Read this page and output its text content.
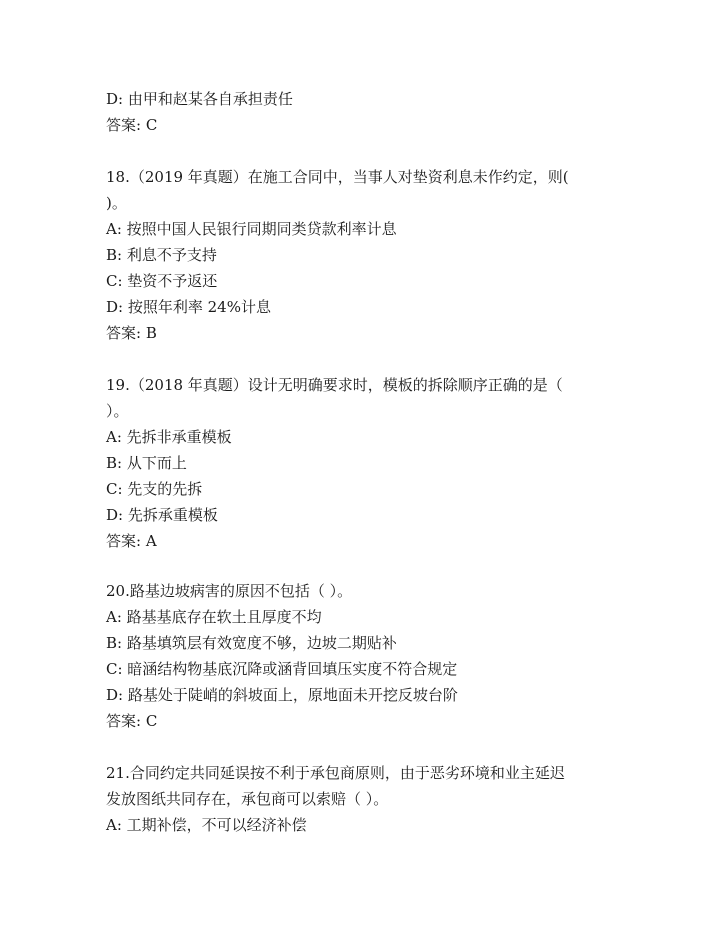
D: 由甲和赵某各自承担责任
答案: C
18.（2019 年真题）在施工合同中，当事人对垫资利息未作约定，则(
)。
A: 按照中国人民银行同期同类贷款利率计息
B: 利息不予支持
C: 垫资不予返还
D: 按照年利率 24%计息
答案: B
19.（2018 年真题）设计无明确要求时，模板的拆除顺序正确的是（
）。
A: 先拆非承重模板
B: 从下而上
C: 先支的先拆
D: 先拆承重模板
答案: A
20.路基边坡病害的原因不包括（ ）。
A: 路基基底存在软土且厚度不均
B: 路基填筑层有效宽度不够，边坡二期贴补
C: 暗涵结构物基底沉降或涵背回填压实度不符合规定
D: 路基处于陡峭的斜坡面上，原地面未开挖反坡台阶
答案: C
21.合同约定共同延误按不利于承包商原则，由于恶劣环境和业主延迟
发放图纸共同存在，承包商可以索赔（ ）。
A: 工期补偿，不可以经济补偿
